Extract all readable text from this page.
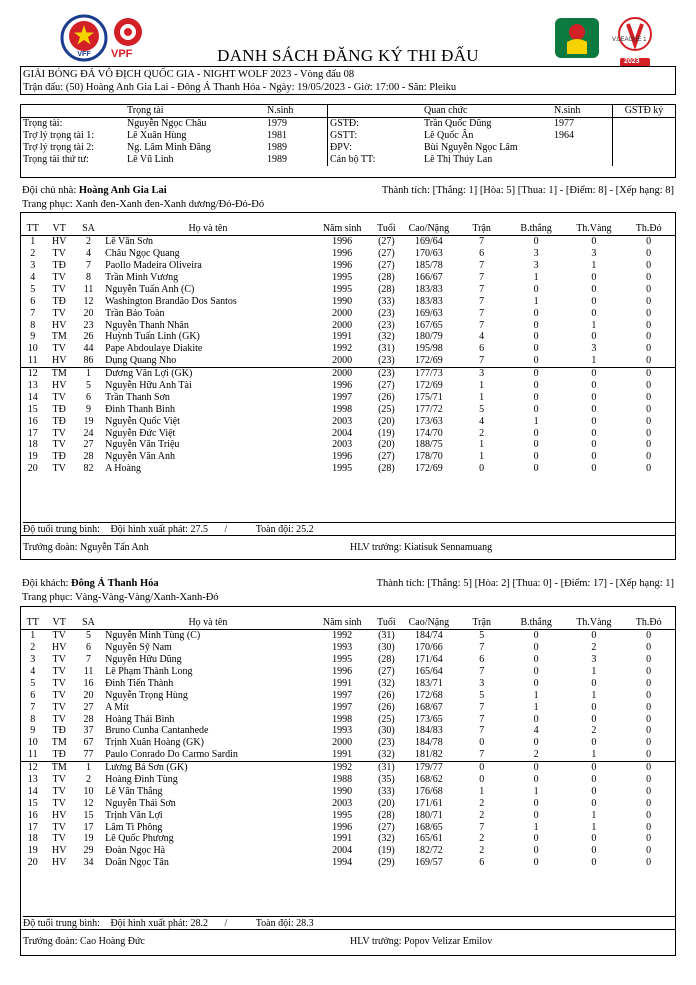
VFF VPF
V.LEAGUE 1
2023
DANH SÁCH ĐĂNG KÝ THI ĐẤU
GIẢI BÓNG ĐÁ VÔ ĐỊCH QUỐC GIA - NIGHT WOLF 2023 - Vòng đấu 08
Trận đấu: (50) Hoàng Anh Gia Lai - Đông Á Thanh Hóa - Ngày: 19/05/2023 - Giờ: 17:00 - Sân: Pleiku
	Trọng tài	N.sinh		Quan chức	N.sinh	GSTĐ ký
Trọng tài:	Nguyễn Ngọc Châu	1979	GSTĐ:	Trần Quốc Dũng	1977	
Trợ lý trọng tài 1:	Lê Xuân Hùng	1981	GSTT:	Lê Quốc Ân	1964	
Trợ lý trọng tài 2:	Ng. Lâm Minh Đăng	1989	ĐPV:	Bùi Nguyễn Ngọc Lâm		
Trọng tài thứ tư:	Lê Vũ Linh	1989	Cán bộ TT:	Lê Thị Thúy Lan		
Đội chủ nhà: Hoàng Anh Gia Lai	Thành tích: [Thắng: 1] [Hòa: 5] [Thua: 1] - [Điểm: 8] - [Xếp hạng: 8]
Trang phục: Xanh đen-Xanh đen-Xanh dương/Đỏ-Đỏ-Đỏ
TT	VT	SA	Họ và tên	Năm sinh	Tuổi	Cao/Nặng	Trận	B.thắng	Th.Vàng	Th.Đỏ
1	HV	2	Lê Văn Sơn	1996	(27)	169/64	7	0	0	0
2	TV	4	Châu Ngọc Quang	1996	(27)	170/63	6	3	3	0
3	TĐ	7	Paollo Madeira Oliveira	1996	(27)	185/78	7	3	1	0
4	TV	8	Trần Minh Vương	1995	(28)	166/67	7	1	0	0
5	TV	11	Nguyễn Tuấn Anh (C)	1995	(28)	183/83	7	0	0	0
6	TĐ	12	Washington Brandão Dos Santos	1990	(33)	183/83	7	1	0	0
7	TV	20	Trần Bảo Toàn	2000	(23)	169/63	7	0	0	0
8	HV	23	Nguyễn Thanh Nhân	2000	(23)	167/65	7	0	1	0
9	TM	26	Huỳnh Tuấn Linh (GK)	1991	(32)	180/79	4	0	0	0
10	TV	44	Pape Abdoulaye Diakite	1992	(31)	195/98	6	0	3	0
11	HV	86	Dụng Quang Nho	2000	(23)	172/69	7	0	1	0
12	TM	1	Dương Văn Lợi (GK)	2000	(23)	177/73	3	0	0	0
13	HV	5	Nguyễn Hữu Anh Tài	1996	(27)	172/69	1	0	0	0
14	TV	6	Trần Thanh Sơn	1997	(26)	175/71	1	0	0	0
15	TĐ	9	Đinh Thanh Bình	1998	(25)	177/72	5	0	0	0
16	TĐ	19	Nguyễn Quốc Việt	2003	(20)	173/63	4	1	0	0
17	TV	24	Nguyễn Đức Việt	2004	(19)	174/70	2	0	0	0
18	TV	27	Nguyễn Văn Triệu	2003	(20)	188/75	1	0	0	0
19	TĐ	28	Nguyễn Văn Anh	1996	(27)	178/70	1	0	0	0
20	TV	82	A Hoàng	1995	(28)	172/69	0	0	0	0
Độ tuổi trung bình: Đội hình xuất phát: 27.5 /	Toàn đội: 25.2
Trưởng đoàn: Nguyễn Tấn Anh	HLV trưởng: Kiatisuk Sennamuang
Đội khách: Đông Á Thanh Hóa	Thành tích: [Thắng: 5] [Hòa: 2] [Thua: 0] - [Điểm: 17] - [Xếp hạng: 1]
Trang phục: Vàng-Vàng-Vàng/Xanh-Xanh-Đỏ
TT	VT	SA	Họ và tên	Năm sinh	Tuổi	Cao/Nặng	Trận	B.thắng	Th.Vàng	Th.Đỏ
1	TV	5	Nguyễn Minh Tùng (C)	1992	(31)	184/74	5	0	0	0
2	HV	6	Nguyễn Sỹ Nam	1993	(30)	170/66	7	0	2	0
3	TV	7	Nguyễn Hữu Dũng	1995	(28)	171/64	6	0	3	0
4	TV	11	Lê Phạm Thành Long	1996	(27)	165/64	7	0	1	0
5	TV	16	Đinh Tiến Thành	1991	(32)	183/71	3	0	0	0
6	TV	20	Nguyễn Trọng Hùng	1997	(26)	172/68	5	1	1	0
7	TV	27	A Mít	1997	(26)	168/67	7	1	0	0
8	TV	28	Hoàng Thái Bình	1998	(25)	173/65	7	0	0	0
9	TĐ	37	Bruno Cunha Cantanhede	1993	(30)	184/83	7	4	2	0
10	TM	67	Trịnh Xuân Hoàng (GK)	2000	(23)	184/78	0	0	0	0
11	TĐ	77	Paulo Conrado Do Carmo Sardin	1991	(32)	181/82	7	2	1	0
12	TM	1	Lương Bá Sơn (GK)	1992	(31)	179/77	0	0	0	0
13	TV	2	Hoàng Đình Tùng	1988	(35)	168/62	0	0	0	0
14	TV	10	Lê Văn Thắng	1990	(33)	176/68	1	1	0	0
15	TV	12	Nguyễn Thái Sơn	2003	(20)	171/61	2	0	0	0
16	HV	15	Trịnh Văn Lợi	1995	(28)	180/71	2	0	1	0
17	TV	17	Lâm Ti Phông	1996	(27)	168/65	7	1	1	0
18	TV	19	Lê Quốc Phương	1991	(32)	165/61	2	0	0	0
19	HV	29	Đoàn Ngọc Hà	2004	(19)	182/72	2	0	0	0
20	HV	34	Doãn Ngọc Tân	1994	(29)	169/57	6	0	0	0
Độ tuổi trung bình: Đội hình xuất phát: 28.2 /	Toàn đội: 28.3
Trưởng đoàn: Cao Hoàng Đức	HLV trưởng: Popov Velizar Emilov
